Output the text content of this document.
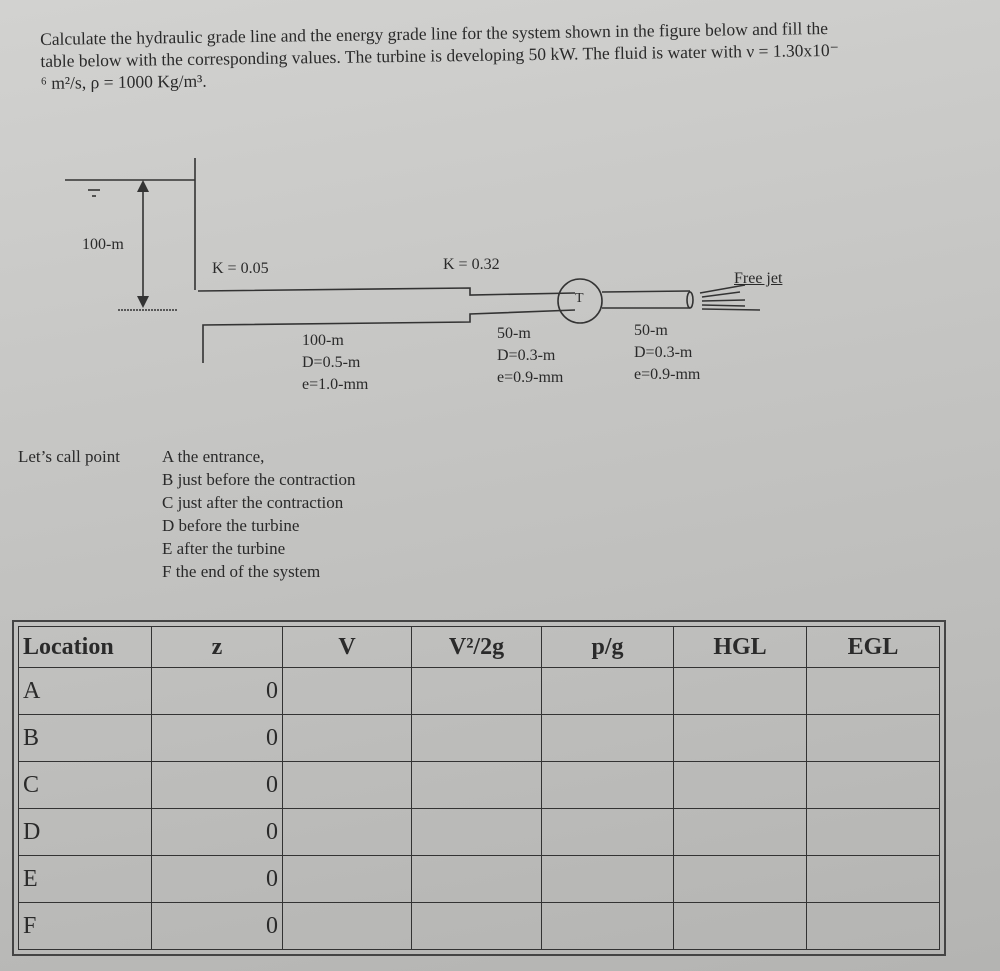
Calculate the hydraulic grade line and the energy grade line for the system shown in the figure below and fill the
table below with the corresponding values. The turbine is developing 50 kW. The fluid is water with ν = 1.30x10⁻
⁶ m²/s, ρ = 1000 Kg/m³.
100-m
K = 0.05	K = 0.32
T
Free jet
100-m
D=0.5-m
e=1.0-mm
50-m
D=0.3-m
e=0.9-mm
50-m
D=0.3-m
e=0.9-mm
Let’s call point A the entrance,
B just before the contraction
C just after the contraction
D before the turbine
E after the turbine
F the end of the system
Location	z	V	V²/2g	p/g	HGL	EGL
A	0					
B	0					
C	0					
D	0					
E	0					
F	0					
